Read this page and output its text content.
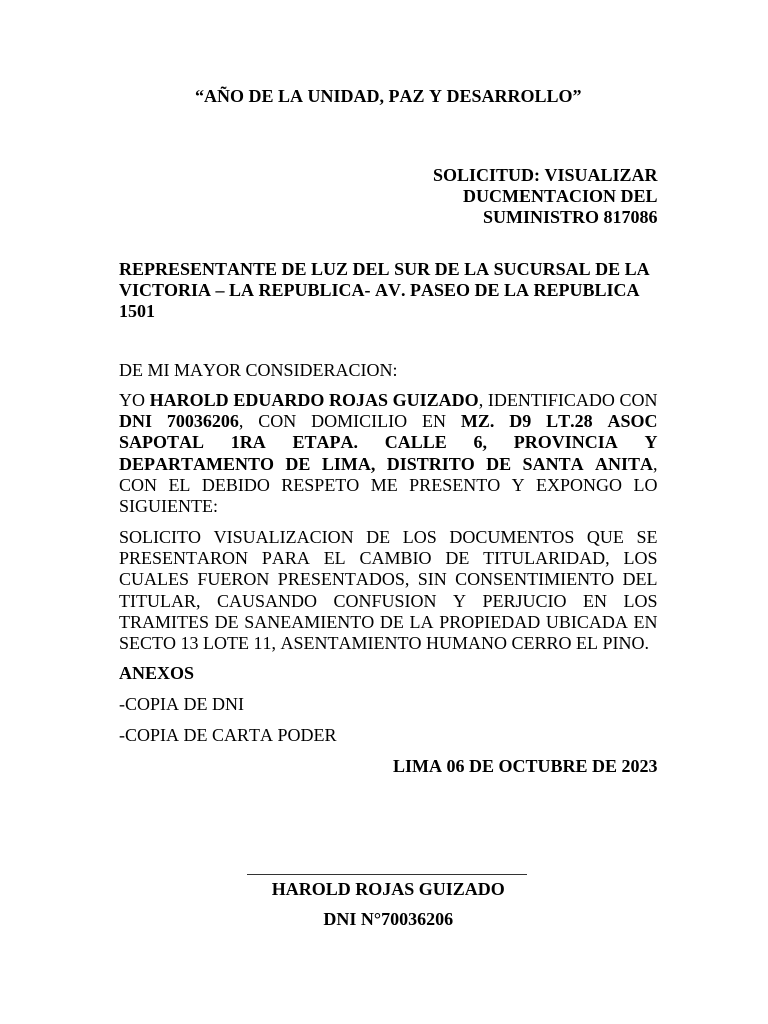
“AÑO DE LA UNIDAD, PAZ Y DESARROLLO”
SOLICITUD: VISUALIZAR
DUCMENTACION DEL
SUMINISTRO 817086
REPRESENTANTE DE LUZ DEL SUR DE LA SUCURSAL DE LA
VICTORIA – LA REPUBLICA- AV. PASEO DE LA REPUBLICA
1501
DE MI MAYOR CONSIDERACION:
YO HAROLD EDUARDO ROJAS GUIZADO, IDENTIFICADO CON
DNI 70036206, CON DOMICILIO EN MZ. D9 LT.28 ASOC
SAPOTAL 1RA ETAPA. CALLE 6, PROVINCIA Y
DEPARTAMENTO DE LIMA, DISTRITO DE SANTA ANITA,
CON EL DEBIDO RESPETO ME PRESENTO Y EXPONGO LO
SIGUIENTE:
SOLICITO VISUALIZACION DE LOS DOCUMENTOS QUE SE
PRESENTARON PARA EL CAMBIO DE TITULARIDAD, LOS
CUALES FUERON PRESENTADOS, SIN CONSENTIMIENTO DEL
TITULAR, CAUSANDO CONFUSION Y PERJUCIO EN LOS
TRAMITES DE SANEAMIENTO DE LA PROPIEDAD UBICADA EN
SECTO 13 LOTE 11, ASENTAMIENTO HUMANO CERRO EL PINO.
ANEXOS
-COPIA DE DNI
-COPIA DE CARTA PODER
LIMA 06 DE OCTUBRE DE 2023
HAROLD ROJAS GUIZADO
DNI N°70036206
